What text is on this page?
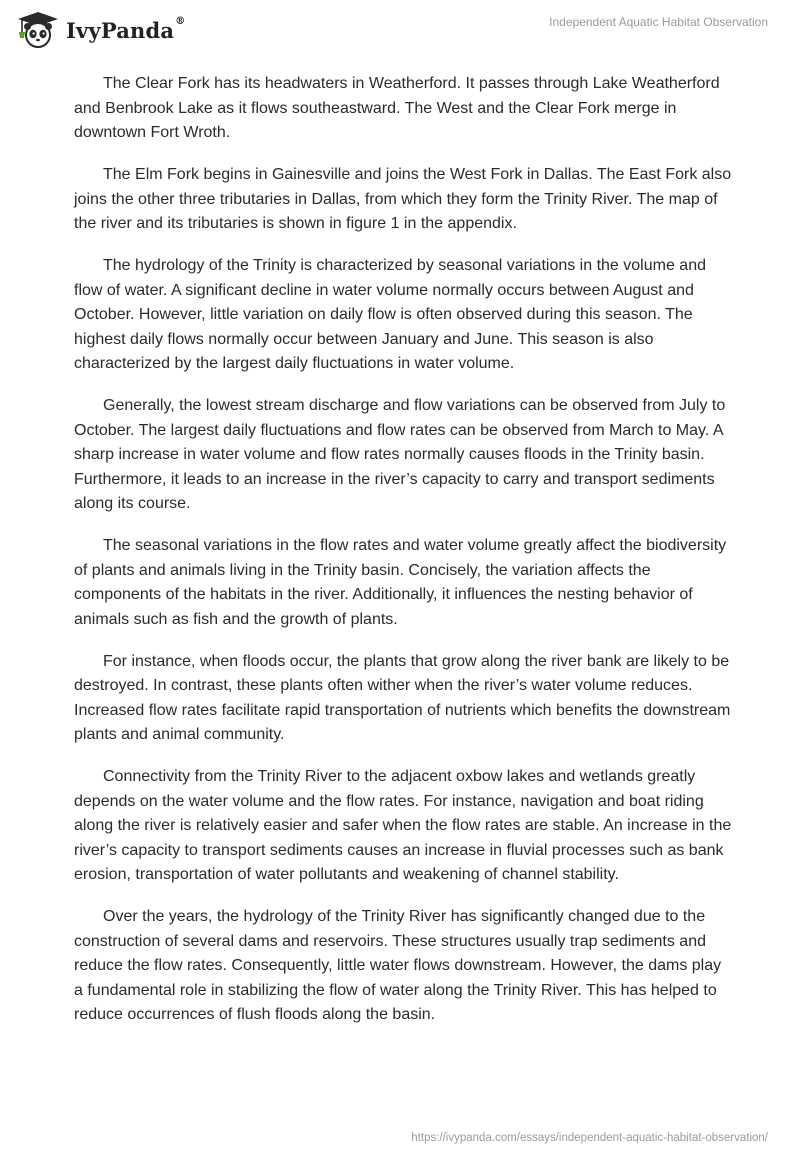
IvyPanda®	Independent Aquatic Habitat Observation

The Clear Fork has its headwaters in Weatherford. It passes through Lake Weatherford and Benbrook Lake as it flows southeastward. The West and the Clear Fork merge in downtown Fort Wroth.

The Elm Fork begins in Gainesville and joins the West Fork in Dallas. The East Fork also joins the other three tributaries in Dallas, from which they form the Trinity River. The map of the river and its tributaries is shown in figure 1 in the appendix.

The hydrology of the Trinity is characterized by seasonal variations in the volume and flow of water. A significant decline in water volume normally occurs between August and October. However, little variation on daily flow is often observed during this season. The highest daily flows normally occur between January and June. This season is also characterized by the largest daily fluctuations in water volume.

Generally, the lowest stream discharge and flow variations can be observed from July to October. The largest daily fluctuations and flow rates can be observed from March to May. A sharp increase in water volume and flow rates normally causes floods in the Trinity basin. Furthermore, it leads to an increase in the river’s capacity to carry and transport sediments along its course.

The seasonal variations in the flow rates and water volume greatly affect the biodiversity of plants and animals living in the Trinity basin. Concisely, the variation affects the components of the habitats in the river. Additionally, it influences the nesting behavior of animals such as fish and the growth of plants.

For instance, when floods occur, the plants that grow along the river bank are likely to be destroyed. In contrast, these plants often wither when the river’s water volume reduces. Increased flow rates facilitate rapid transportation of nutrients which benefits the downstream plants and animal community.

Connectivity from the Trinity River to the adjacent oxbow lakes and wetlands greatly depends on the water volume and the flow rates. For instance, navigation and boat riding along the river is relatively easier and safer when the flow rates are stable. An increase in the river’s capacity to transport sediments causes an increase in fluvial processes such as bank erosion, transportation of water pollutants and weakening of channel stability.

Over the years, the hydrology of the Trinity River has significantly changed due to the construction of several dams and reservoirs. These structures usually trap sediments and reduce the flow rates. Consequently, little water flows downstream. However, the dams play a fundamental role in stabilizing the flow of water along the Trinity River. This has helped to reduce occurrences of flush floods along the basin.

https://ivypanda.com/essays/independent-aquatic-habitat-observation/
